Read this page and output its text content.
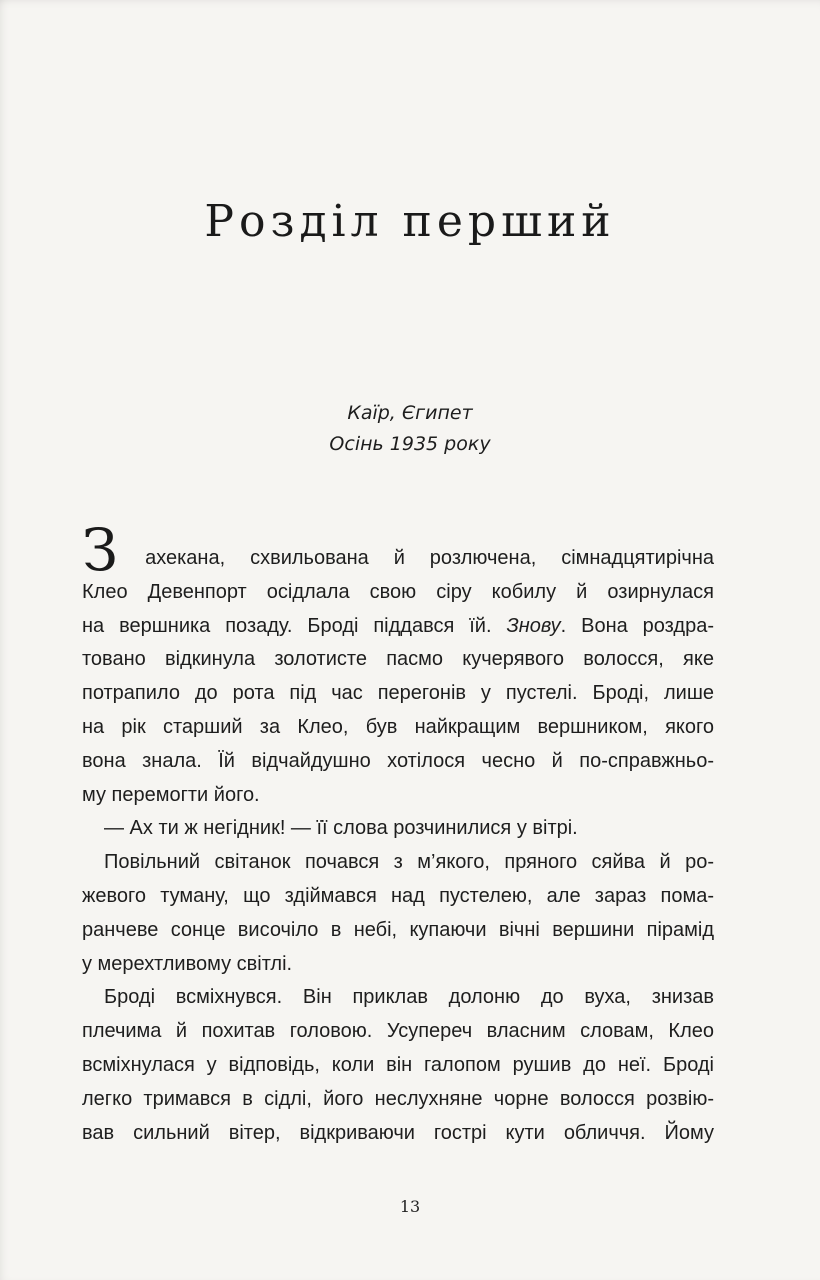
Розділ перший
Каїр, Єгипет
Осінь 1935 року

З ахекана, схвильована й розлючена, сімнадцятирічна
Клео Девенпорт осідлала свою сіру кобилу й озирнулася
на вершника позаду. Броді піддався їй. Знову. Вона роздра-
товано відкинула золотисте пасмо кучерявого волосся, яке
потрапило до рота під час перегонів у пустелі. Броді, лише
на рік старший за Клео, був найкращим вершником, якого
вона знала. Їй відчайдушно хотілося чесно й по-справжньо-
му перемогти його.

— Ах ти ж негідник! — її слова розчинилися у вітрі.

Повільний світанок почався з м’якого, пряного сяйва й ро-
жевого туману, що здіймався над пустелею, але зараз пома-
ранчеве сонце височіло в небі, купаючи вічні вершини пірамід
у мерехтливому світлі.

Броді всміхнувся. Він приклав долоню до вуха, знизав
плечима й похитав головою. Усупереч власним словам, Клео
всміхнулася у відповідь, коли він галопом рушив до неї. Броді
легко тримався в сідлі, його неслухняне чорне волосся розвію-
вав сильний вітер, відкриваючи гострі кути обличчя. Йому

13
